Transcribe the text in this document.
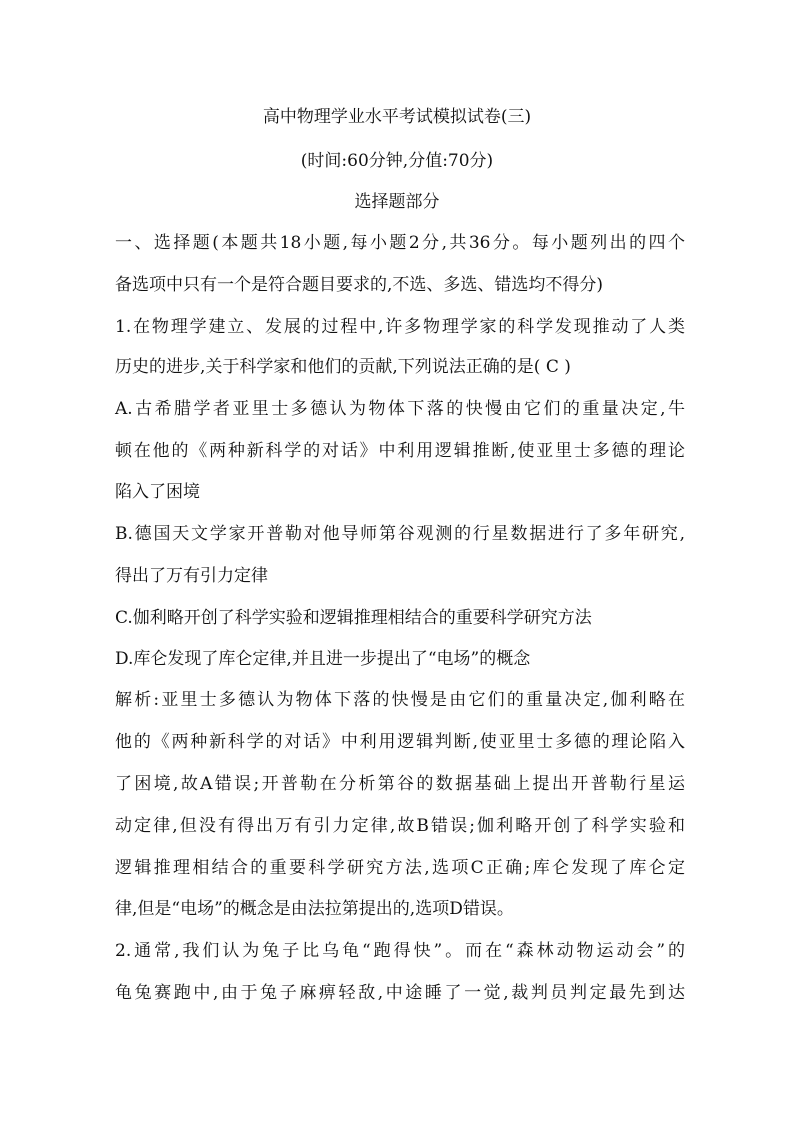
高中物理学业水平考试模拟试卷(三)
(时间:60分钟,分值:70分)
选择题部分
一、选择题(本题共18小题,每小题2分,共36分。每小题列出的四个
备选项中只有一个是符合题目要求的,不选、多选、错选均不得分)
1.在物理学建立、发展的过程中,许多物理学家的科学发现推动了人类
历史的进步,关于科学家和他们的贡献,下列说法正确的是( C )
A.古希腊学者亚里士多德认为物体下落的快慢由它们的重量决定,牛
顿在他的《两种新科学的对话》中利用逻辑推断,使亚里士多德的理论
陷入了困境
B.德国天文学家开普勒对他导师第谷观测的行星数据进行了多年研究,
得出了万有引力定律
C.伽利略开创了科学实验和逻辑推理相结合的重要科学研究方法
D.库仑发现了库仑定律,并且进一步提出了“电场”的概念
解析:亚里士多德认为物体下落的快慢是由它们的重量决定,伽利略在
他的《两种新科学的对话》中利用逻辑判断,使亚里士多德的理论陷入
了困境,故A错误;开普勒在分析第谷的数据基础上提出开普勒行星运
动定律,但没有得出万有引力定律,故B错误;伽利略开创了科学实验和
逻辑推理相结合的重要科学研究方法,选项C正确;库仑发现了库仑定
律,但是“电场”的概念是由法拉第提出的,选项D错误。
2.通常,我们认为兔子比乌龟“跑得快”。而在“森林动物运动会”的
龟兔赛跑中,由于兔子麻痹轻敌,中途睡了一觉,裁判员判定最先到达
